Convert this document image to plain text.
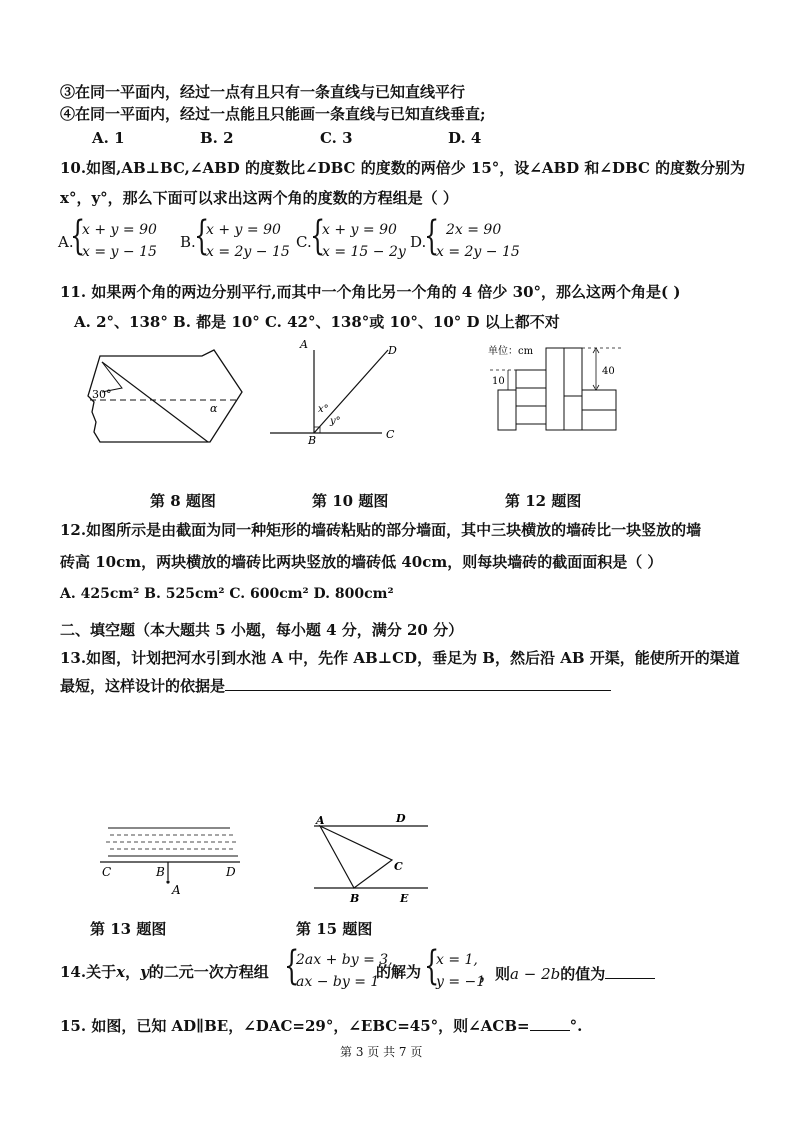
③在同一平面内，经过一点有且只有一条直线与已知直线平行
④在同一平面内，经过一点能且只能画一条直线与已知直线垂直;
A. 1	B. 2	C. 3	D. 4
10.如图,AB⊥BC,∠ABD 的度数比∠DBC 的度数的两倍少 15°，设∠ABD 和∠DBC 的度数分别为
x°，y°，那么下面可以求出这两个角的度数的方程组是（ ）
A.
{
x + y = 90
x = y − 15
B.
{
x + y = 90
x = 2y − 15
C.
{
x + y = 90
x = 15 − 2y
D.
{ 2x = 90
x = 2y − 15
11. 如果两个角的两边分别平行,而其中一个角比另一个角的 4 倍少 30°，那么这两个角是( )
A. 2°、138° B. 都是 10° C. 42°、138°或 10°、10° D 以上都不对
30°
α
A
B	C
D
x°
y°
单位：cm
40
10
第 8 题图	第 10 题图	第 12 题图
12.如图所示是由截面为同一种矩形的墙砖粘贴的部分墙面，其中三块横放的墙砖比一块竖放的墙
砖高 10cm，两块横放的墙砖比两块竖放的墙砖低 40cm，则每块墙砖的截面面积是（ ）
A. 425cm² B. 525cm² C. 600cm² D. 800cm²
二、填空题（本大题共 5 小题，每小题 4 分，满分 20 分）
13.如图，计划把河水引到水池 A 中，先作 AB⊥CD，垂足为 B，然后沿 AB 开渠，能使所开的渠道
最短，这样设计的依据是
C	B	D
A
A	D
C
B	E
第 13 题图	第 15 题图
14.关于x，y的二元一次方程组 {
2ax + by = 3,
ax − by = 1
的解为 {
x = 1,
y = −1
，则a − 2b的值为
15. 如图，已知 AD∥BE，∠DAC=29°，∠EBC=45°，则∠ACB=	°.
第 3 页 共 7 页
